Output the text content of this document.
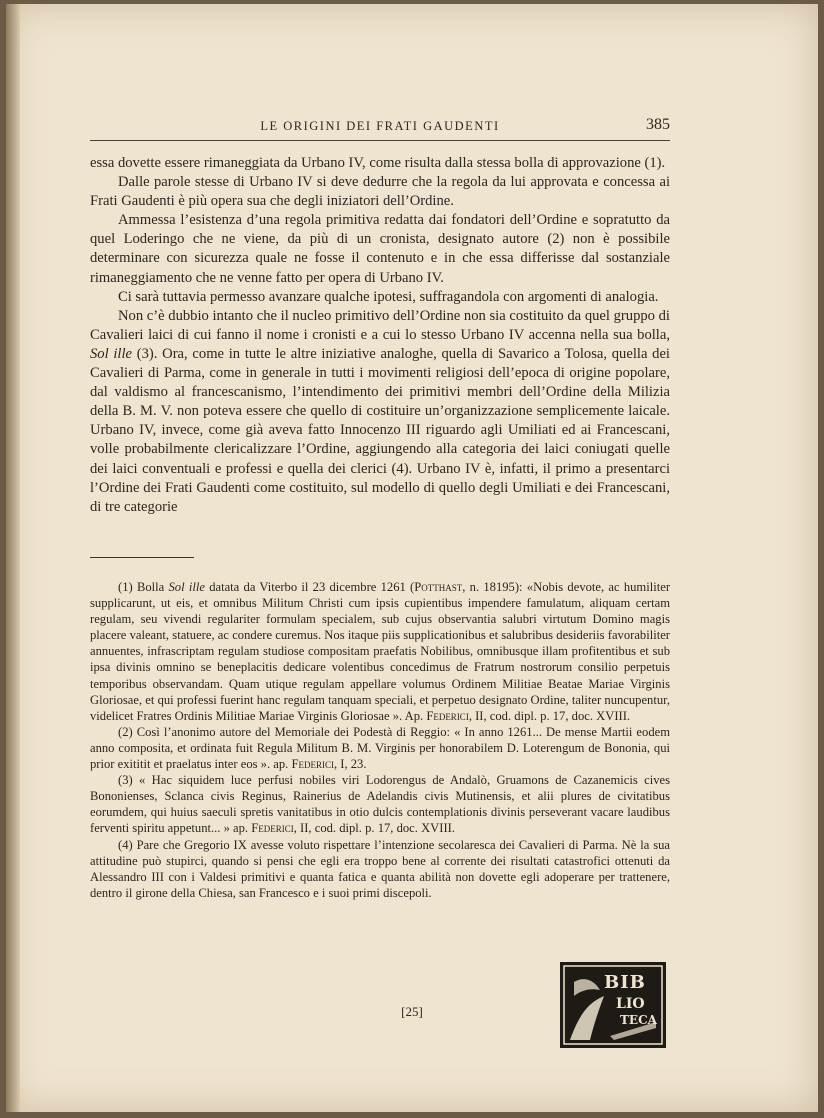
LE ORIGINI DEI FRATI GAUDENTI	385

essa dovette essere rimaneggiata da Urbano IV, come risulta dalla stessa bolla di approvazione (1).

Dalle parole stesse di Urbano IV si deve dedurre che la regola da lui approvata e concessa ai Frati Gaudenti è più opera sua che degli iniziatori dell’Ordine.

Ammessa l’esistenza d’una regola primitiva redatta dai fondatori dell’Ordine e sopratutto da quel Loderingo che ne viene, da più di un cronista, designato autore (2) non è possibile determinare con sicurezza quale ne fosse il contenuto e in che essa differisse dal sostanziale rimaneggiamento che ne venne fatto per opera di Urbano IV.

Ci sarà tuttavia permesso avanzare qualche ipotesi, suffragandola con argomenti di analogia.

Non c’è dubbio intanto che il nucleo primitivo dell’Ordine non sia costituito da quel gruppo di Cavalieri laici di cui fanno il nome i cronisti e a cui lo stesso Urbano IV accenna nella sua bolla, Sol ille (3). Ora, come in tutte le altre iniziative analoghe, quella di Savarico a Tolosa, quella dei Cavalieri di Parma, come in generale in tutti i movimenti religiosi dell’epoca di origine popolare, dal valdismo al francescanismo, l’intendimento dei primitivi membri dell’Ordine della Milizia della B. M. V. non poteva essere che quello di costituire un’organizzazione semplicemente laicale. Urbano IV, invece, come già aveva fatto Innocenzo III riguardo agli Umiliati ed ai Francescani, volle probabilmente clericalizzare l’Ordine, aggiungendo alla categoria dei laici coniugati quelle dei laici conventuali e professi e quella dei clerici (4). Urbano IV è, infatti, il primo a presentarci l’Ordine dei Frati Gaudenti come costituito, sul modello di quello degli Umiliati e dei Francescani, di tre categorie

(1) Bolla Sol ille datata da Viterbo il 23 dicembre 1261 (Potthast, n. 18195): «Nobis devote, ac humiliter supplicarunt, ut eis, et omnibus Militum Christi cum ipsis cupientibus impendere famulatum, aliquam certam regulam, seu vivendi regulariter formulam specialem, sub cujus observantia salubri virtutum Domino magis placere valeant, statuere, ac condere curemus. Nos itaque piis supplicationibus et salubribus desideriis favorabiliter annuentes, infrascriptam regulam studiose compositam praefatis Nobilibus, omnibusque illam profitentibus et sub ipsa divinis omnino se beneplacitis dedicare volentibus concedimus de Fratrum nostrorum consilio perpetuis temporibus observandam. Quam utique regulam appellare volumus Ordinem Militiae Beatae Mariae Virginis Gloriosae, et qui professi fuerint hanc regulam tanquam speciali, et perpetuo designato Ordine, taliter nuncupentur, videlicet Fratres Ordinis Militiae Mariae Virginis Gloriosae ». Ap. Federici, II, cod. dipl. p. 17, doc. XVIII.

(2) Così l’anonimo autore del Memoriale dei Podestà di Reggio: « In anno 1261... De mense Martii eodem anno composita, et ordinata fuit Regula Militum B. M. Virginis per honorabilem D. Loterengum de Bononia, qui prior exititit et praelatus inter eos ». ap. Federici, I, 23.

(3) « Hac siquidem luce perfusi nobiles viri Lodorengus de Andalò, Gruamons de Cazanemicis cives Bononienses, Sclanca civis Reginus, Rainerius de Adelandis civis Mutinensis, et alii plures de civitatibus eorumdem, qui huius saeculi spretis vanitatibus in otio dulcis contemplationis divinis perseverant vacare laudibus ferventi spiritu appetunt... » ap. Federici, II, cod. dipl. p. 17, doc. XVIII.

(4) Pare che Gregorio IX avesse voluto rispettare l’intenzione secolaresca dei Cavalieri di Parma. Nè la sua attitudine può stupirci, quando si pensi che egli era troppo bene al corrente dei risultati catastrofici ottenuti da Alessandro III con i Valdesi primitivi e quanta fatica e quanta abilità non dovette egli adoperare per trattenere, dentro il girone della Chiesa, san Francesco e i suoi primi discepoli.

[25]
BIB
LIO
TECA
